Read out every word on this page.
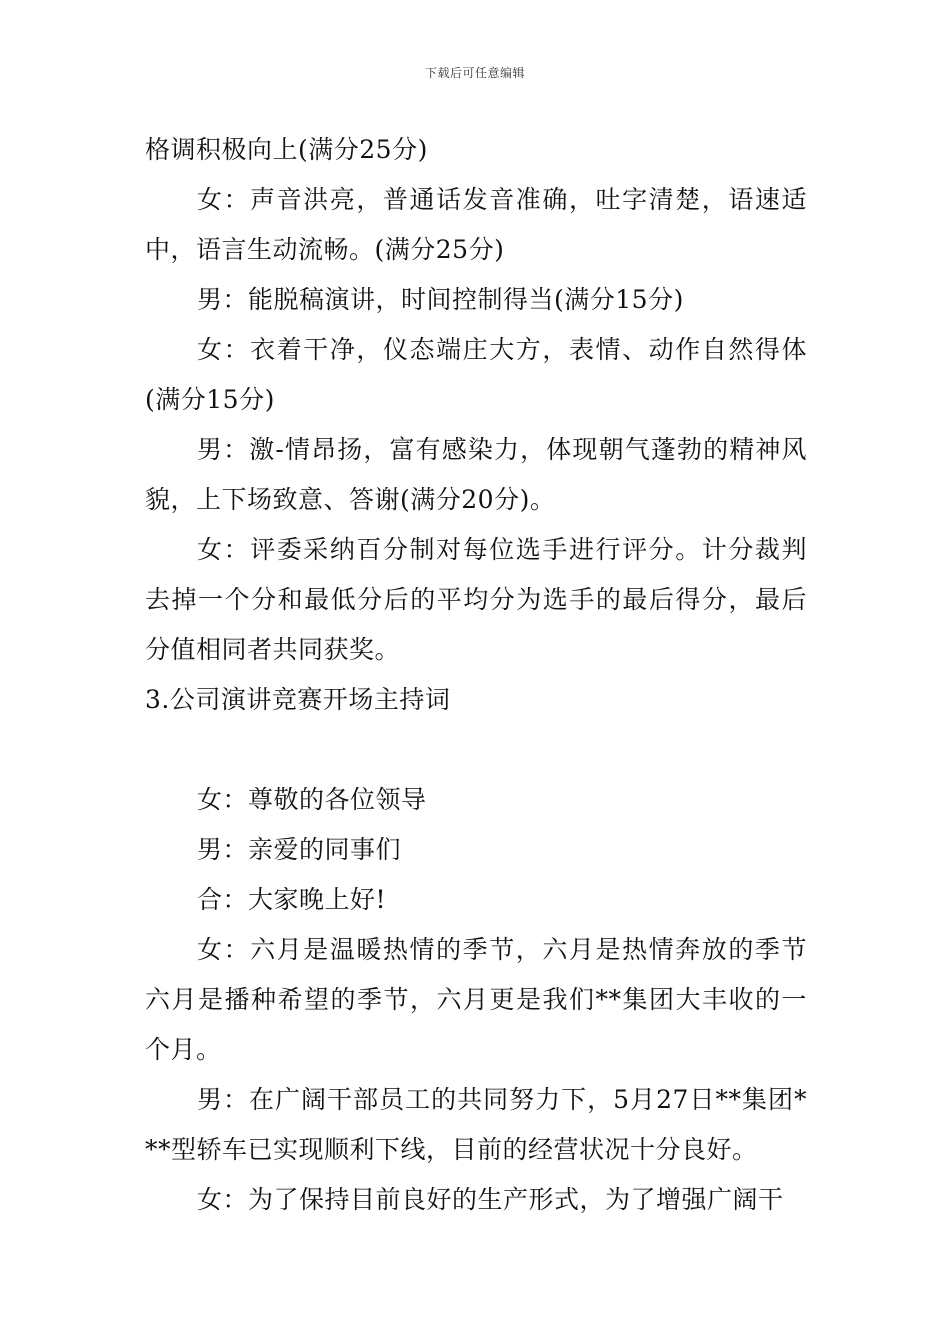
下载后可任意编辑

格调积极向上(满分25分)

女：声音洪亮，普通话发音准确，吐字清楚，语速适中，语言生动流畅。(满分25分)

男：能脱稿演讲，时间控制得当(满分15分)

女：衣着干净，仪态端庄大方，表情、动作自然得体(满分15分)

男：激-情昂扬，富有感染力，体现朝气蓬勃的精神风貌，上下场致意、答谢(满分20分)。

女：评委采纳百分制对每位选手进行评分。计分裁判去掉一个分和最低分后的平均分为选手的最后得分，最后分值相同者共同获奖。

3.公司演讲竞赛开场主持词

女：尊敬的各位领导

男：亲爱的同事们

合：大家晚上好!

女：六月是温暖热情的季节，六月是热情奔放的季节六月是播种希望的季节，六月更是我们**集团大丰收的一个月。

男：在广阔干部员工的共同努力下，5月27日**集团***型轿车已实现顺利下线，目前的经营状况十分良好。

女：为了保持目前良好的生产形式，为了增强广阔干
